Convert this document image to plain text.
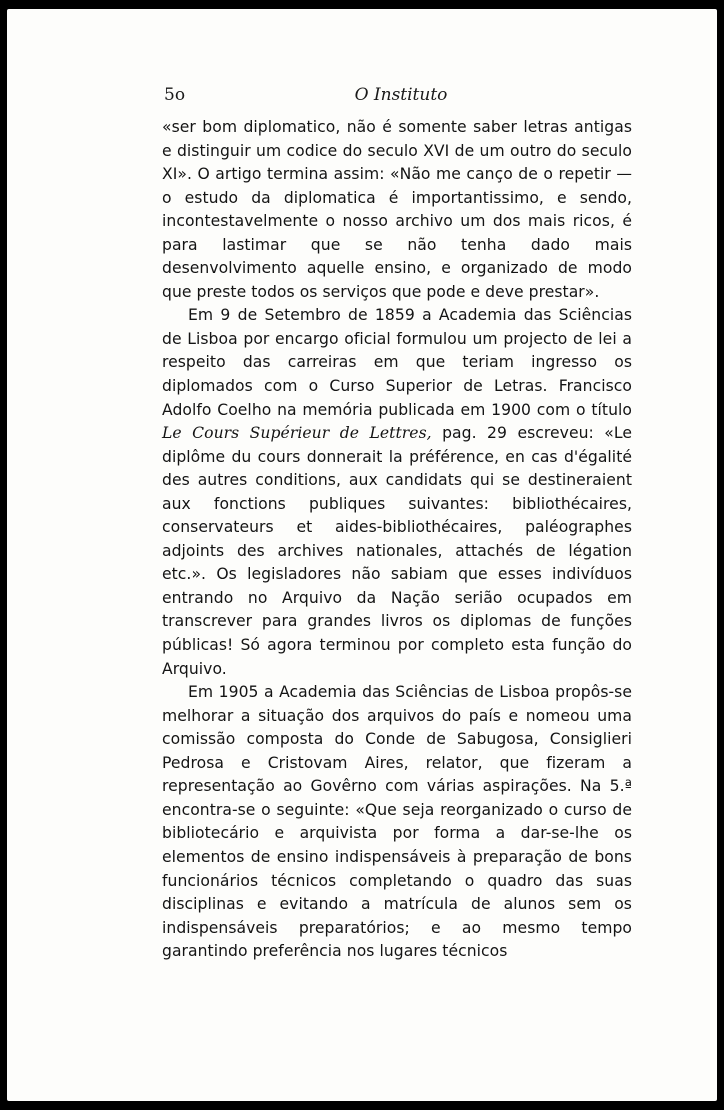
5o	O Instituto

«ser bom diplomatico, não é somente saber letras antigas e distinguir um codice do seculo XVI de um outro do seculo XI». O artigo termina assim: «Não me canço de o repetir — o estudo da diplomatica é importantissimo, e sendo, incontestavelmente o nosso archivo um dos mais ricos, é para lastimar que se não tenha dado mais desenvolvimento aquelle ensino, e organizado de modo que preste todos os serviços que pode e deve prestar».

Em 9 de Setembro de 1859 a Academia das Sciências de Lisboa por encargo oficial formulou um projecto de lei a respeito das carreiras em que teriam ingresso os diplomados com o Curso Superior de Letras. Francisco Adolfo Coelho na memória publicada em 1900 com o título Le Cours Supérieur de Lettres, pag. 29 escreveu: «Le diplôme du cours donnerait la préférence, en cas d'égalité des autres conditions, aux candidats qui se destineraient aux fonctions publiques suivantes: bibliothécaires, conservateurs et aides-bibliothécaires, paléographes adjoints des archives nationales, attachés de légation etc.». Os legisladores não sabiam que esses indivíduos entrando no Arquivo da Nação serião ocupados em transcrever para grandes livros os diplomas de funções públicas! Só agora terminou por completo esta função do Arquivo.

Em 1905 a Academia das Sciências de Lisboa propôs-se melhorar a situação dos arquivos do país e nomeou uma comissão composta do Conde de Sabugosa, Consiglieri Pedrosa e Cristovam Aires, relator, que fizeram a representação ao Govêrno com várias aspirações. Na 5.ª encontra-se o seguinte: «Que seja reorganizado o curso de bibliotecário e arquivista por forma a dar-se-lhe os elementos de ensino indispensáveis à preparação de bons funcionários técnicos completando o quadro das suas disciplinas e evitando a matrícula de alunos sem os indispensáveis preparatórios; e ao mesmo tempo garantindo preferência nos lugares técnicos
